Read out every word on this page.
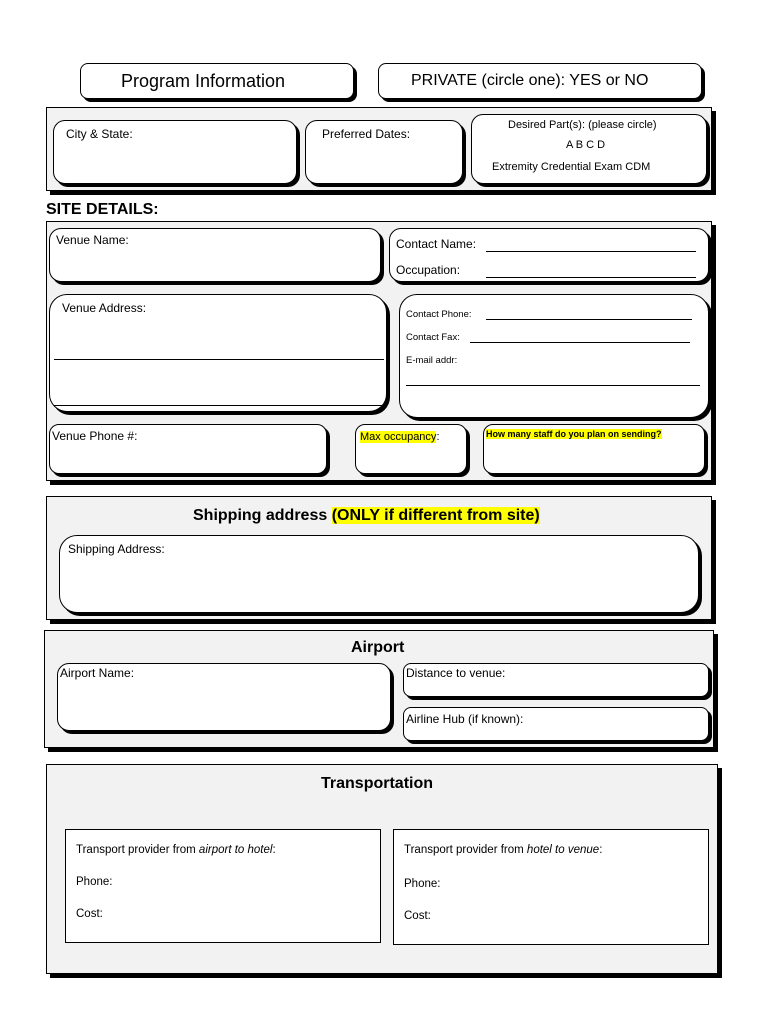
Program Information	PRIVATE (circle one): YES or NO
City & State:	Preferred Dates:
Desired Part(s): (please circle)
A B C D
Extremity Credential Exam CDM
SITE DETAILS:
Venue Name:	Contact Name:
Occupation:
Venue Address:	Contact Phone:
Contact Fax:
E-mail addr:
Venue Phone #:	Max occupancy:	How many staff do you plan on sending?
Shipping address (ONLY if different from site)
Shipping Address:
Airport
Airport Name:	Distance to venue:
Airline Hub (if known):
Transportation
Transport provider from airport to hotel:
Phone:
Cost:
Transport provider from hotel to venue:
Phone:
Cost:
